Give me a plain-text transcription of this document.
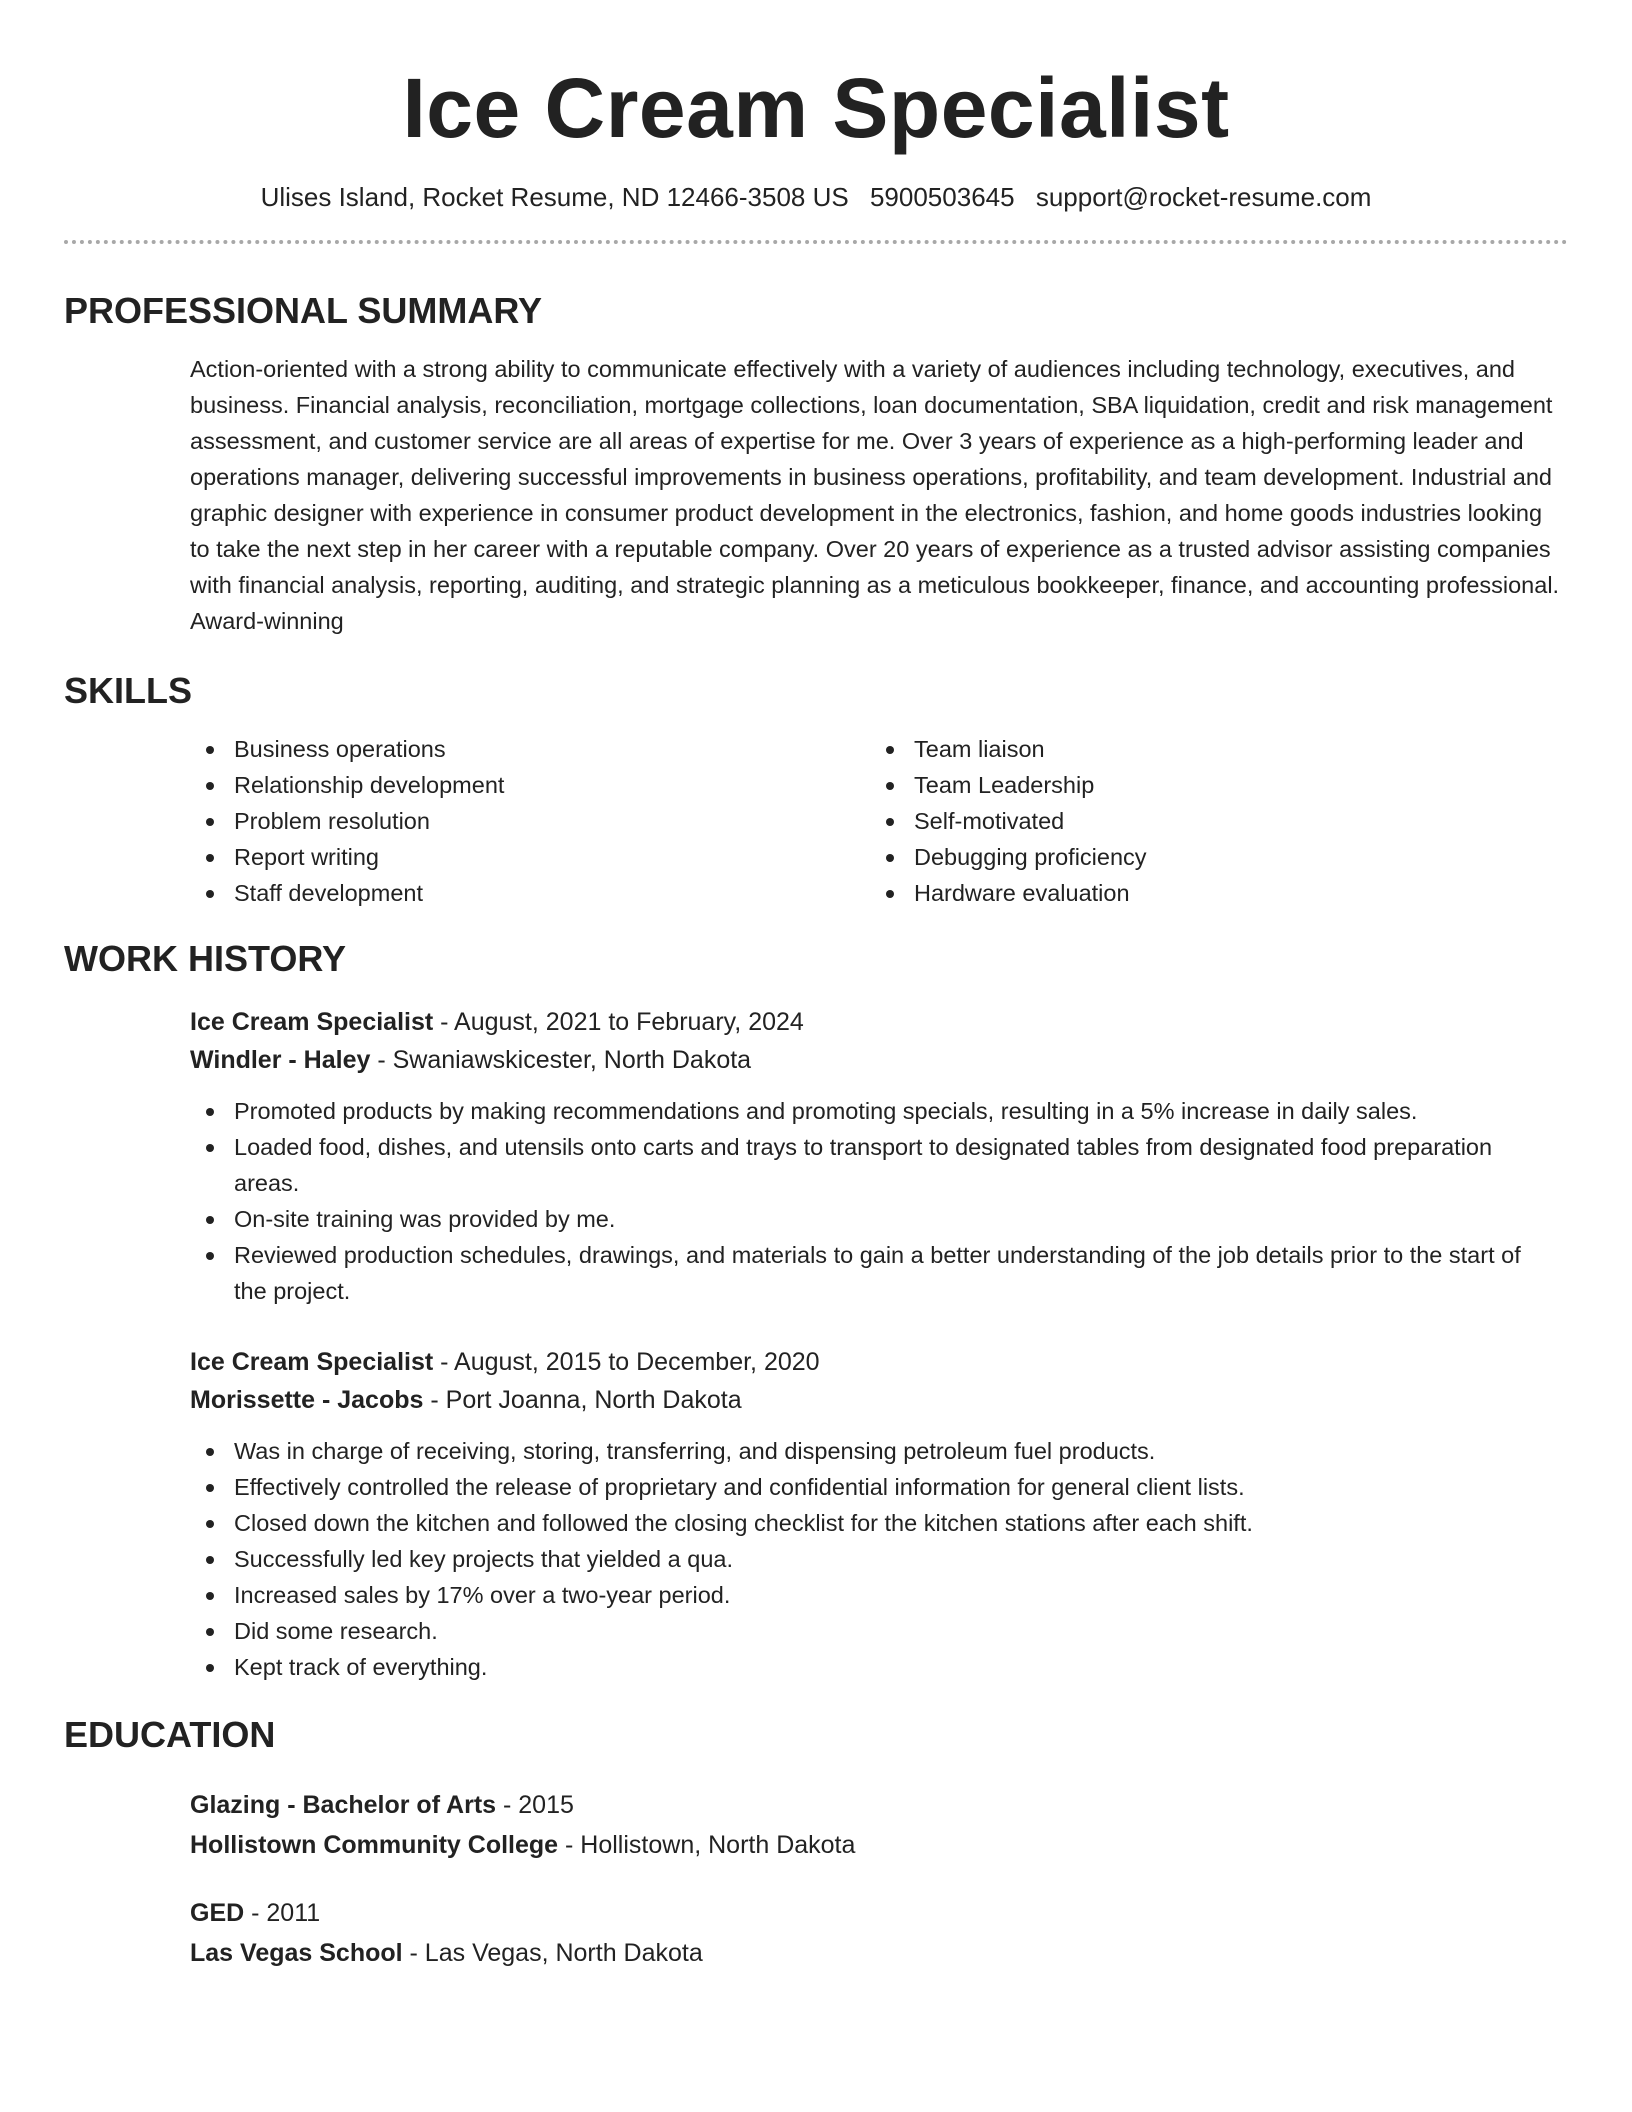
Ice Cream Specialist
Ulises Island, Rocket Resume, ND 12466-3508 US 5900503645 support@rocket-resume.com
PROFESSIONAL SUMMARY

Action-oriented with a strong ability to communicate effectively with a variety of audiences including technology, executives, and business. Financial analysis, reconciliation, mortgage collections, loan documentation, SBA liquidation, credit and risk management assessment, and customer service are all areas of expertise for me. Over 3 years of experience as a high-performing leader and operations manager, delivering successful improvements in business operations, profitability, and team development. Industrial and graphic designer with experience in consumer product development in the electronics, fashion, and home goods industries looking to take the next step in her career with a reputable company. Over 20 years of experience as a trusted advisor assisting companies with financial analysis, reporting, auditing, and strategic planning as a meticulous bookkeeper, finance, and accounting professional. Award-winning

SKILLS
Business operations
Relationship development
Problem resolution
Report writing
Staff development
Team liaison
Team Leadership
Self-motivated
Debugging proficiency
Hardware evaluation
WORK HISTORY
Ice Cream Specialist - August, 2021 to February, 2024
Windler - Haley - Swaniawskicester, North Dakota
Promoted products by making recommendations and promoting specials, resulting in a 5% increase in daily sales.
Loaded food, dishes, and utensils onto carts and trays to transport to designated tables from designated food preparation areas.
On-site training was provided by me.
Reviewed production schedules, drawings, and materials to gain a better understanding of the job details prior to the start of the project.
Ice Cream Specialist - August, 2015 to December, 2020
Morissette - Jacobs - Port Joanna, North Dakota
Was in charge of receiving, storing, transferring, and dispensing petroleum fuel products.
Effectively controlled the release of proprietary and confidential information for general client lists.
Closed down the kitchen and followed the closing checklist for the kitchen stations after each shift.
Successfully led key projects that yielded a qua.
Increased sales by 17% over a two-year period.
Did some research.
Kept track of everything.
EDUCATION
Glazing - Bachelor of Arts - 2015
Hollistown Community College - Hollistown, North Dakota
GED - 2011
Las Vegas School - Las Vegas, North Dakota
